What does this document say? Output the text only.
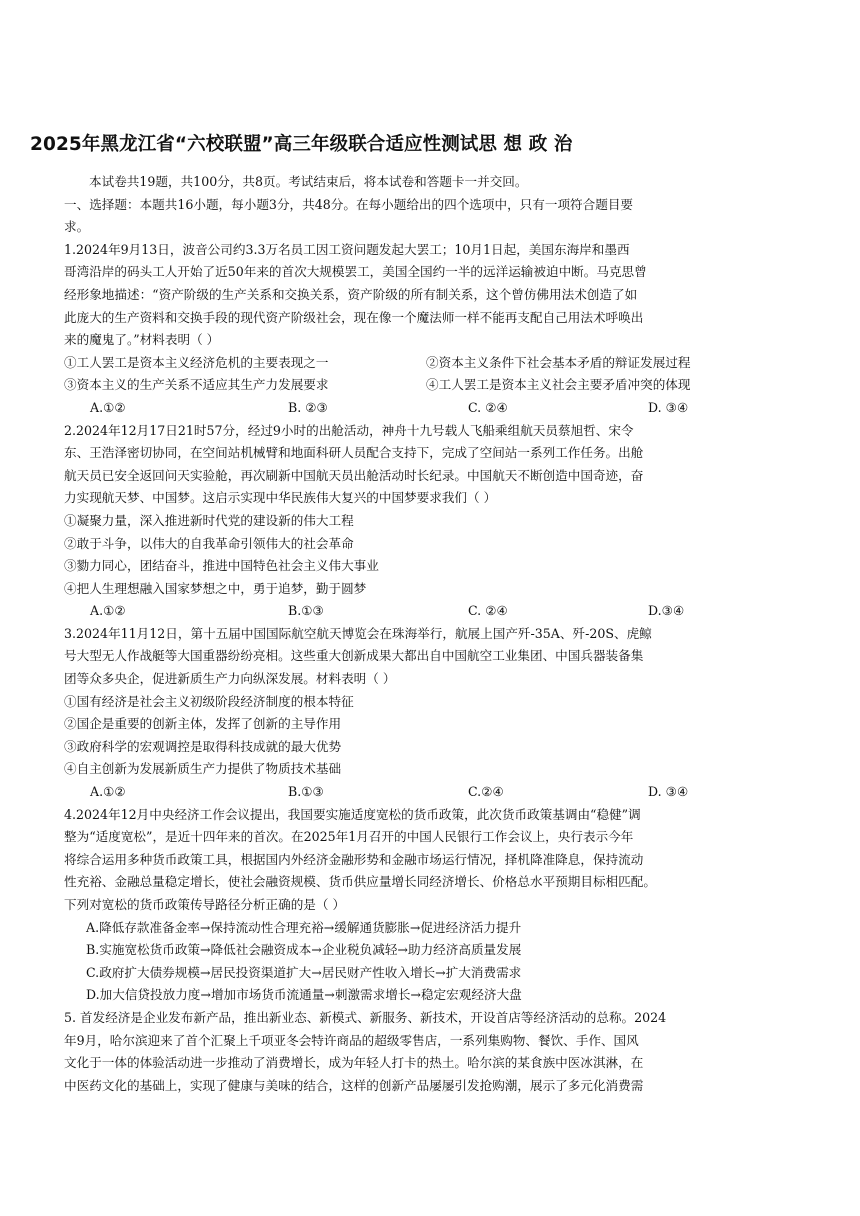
2025年黑龙江省“六校联盟”高三年级联合适应性测试思 想 政 治
本试卷共19题，共100分，共8页。考试结束后，将本试卷和答题卡一并交回。
一、选择题：本题共16小题，每小题3分，共48分。在每小题给出的四个选项中，只有一项符合题目要
求。
1.2024年9月13日，波音公司约3.3万名员工因工资问题发起大罢工；10月1日起，美国东海岸和墨西
哥湾沿岸的码头工人开始了近50年来的首次大规模罢工，美国全国约一半的远洋运输被迫中断。马克思曾
经形象地描述：“资产阶级的生产关系和交换关系，资产阶级的所有制关系，这个曾仿佛用法术创造了如
此庞大的生产资料和交换手段的现代资产阶级社会，现在像一个魔法师一样不能再支配自己用法术呼唤出
来的魔鬼了。”材料表明（ ）
①工人罢工是资本主义经济危机的主要表现之一	②资本主义条件下社会基本矛盾的辩证发展过程
③资本主义的生产关系不适应其生产力发展要求	④工人罢工是资本主义社会主要矛盾冲突的体现
A.①②	B. ②③	C. ②④	D. ③④
2.2024年12月17日21时57分，经过9小时的出舱活动，神舟十九号载人飞船乘组航天员蔡旭哲、宋令
东、王浩泽密切协同，在空间站机械臂和地面科研人员配合支持下，完成了空间站一系列工作任务。出舱
航天员已安全返回问天实验舱，再次刷新中国航天员出舱活动时长纪录。中国航天不断创造中国奇迹，奋
力实现航天梦、中国梦。这启示实现中华民族伟大复兴的中国梦要求我们（ ）
①凝聚力量，深入推进新时代党的建设新的伟大工程
②敢于斗争，以伟大的自我革命引领伟大的社会革命
③勠力同心，团结奋斗，推进中国特色社会主义伟大事业
④把人生理想融入国家梦想之中，勇于追梦，勤于圆梦
A.①②	B.①③	C. ②④	D.③④
3.2024年11月12日，第十五届中国国际航空航天博览会在珠海举行，航展上国产歼-35A、歼-20S、虎鲸
号大型无人作战艇等大国重器纷纷亮相。这些重大创新成果大都出自中国航空工业集团、中国兵器装备集
团等众多央企，促进新质生产力向纵深发展。材料表明（ ）
①国有经济是社会主义初级阶段经济制度的根本特征
②国企是重要的创新主体，发挥了创新的主导作用
③政府科学的宏观调控是取得科技成就的最大优势
④自主创新为发展新质生产力提供了物质技术基础
A.①②	B.①③	C.②④	D. ③④
4.2024年12月中央经济工作会议提出，我国要实施适度宽松的货币政策，此次货币政策基调由“稳健”调
整为“适度宽松”，是近十四年来的首次。在2025年1月召开的中国人民银行工作会议上，央行表示今年
将综合运用多种货币政策工具，根据国内外经济金融形势和金融市场运行情况，择机降准降息，保持流动
性充裕、金融总量稳定增长，使社会融资规模、货币供应量增长同经济增长、价格总水平预期目标相匹配。
下列对宽松的货币政策传导路径分析正确的是（ ）
A.降低存款准备金率→保持流动性合理充裕→缓解通货膨胀→促进经济活力提升
B.实施宽松货币政策→降低社会融资成本→企业税负减轻→助力经济高质量发展
C.政府扩大债券规模→居民投资渠道扩大→居民财产性收入增长→扩大消费需求
D.加大信贷投放力度→增加市场货币流通量→刺激需求增长→稳定宏观经济大盘
5. 首发经济是企业发布新产品，推出新业态、新模式、新服务、新技术，开设首店等经济活动的总称。2024
年9月，哈尔滨迎来了首个汇聚上千项亚冬会特许商品的超级零售店，一系列集购物、餐饮、手作、国风
文化于一体的体验活动进一步推动了消费增长，成为年轻人打卡的热土。哈尔滨的某食族中医冰淇淋，在
中医药文化的基础上，实现了健康与美味的结合，这样的创新产品屡屡引发抢购潮，展示了多元化消费需
